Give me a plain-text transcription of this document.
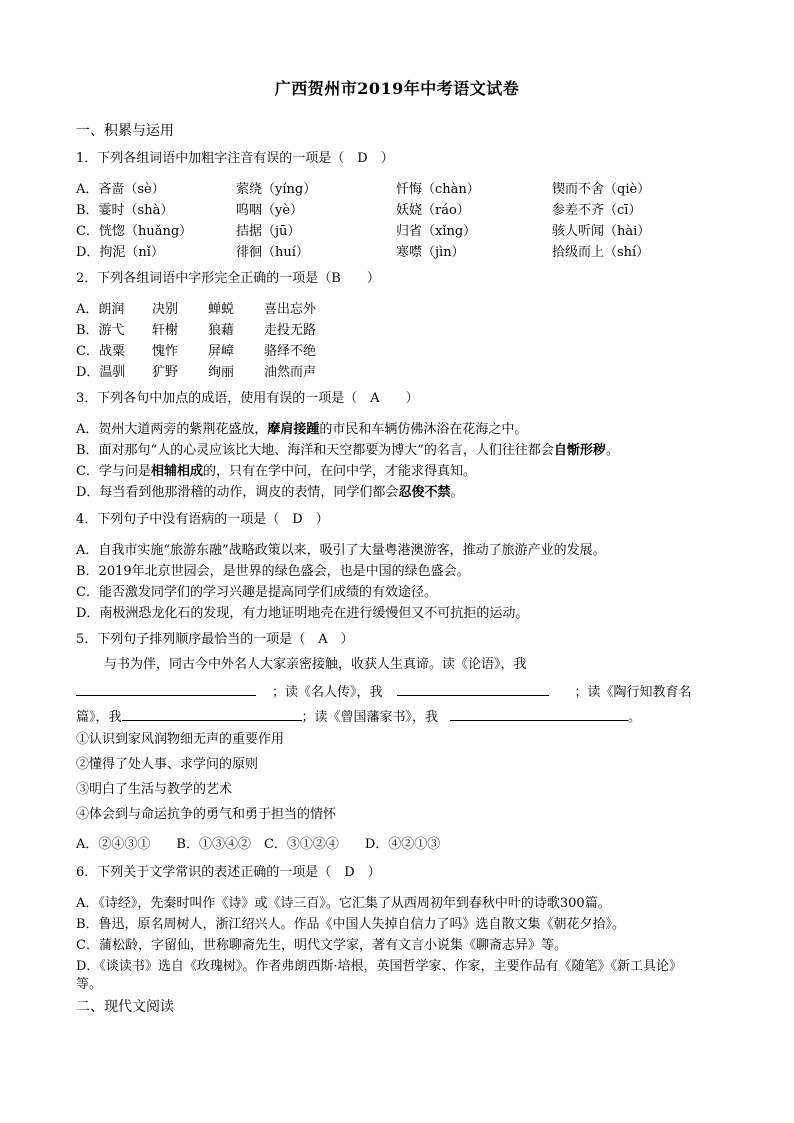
广西贺州市2019年中考语文试卷
一、积累与运用
1．下列各组词语中加粗字注音有误的一项是（　D　）
A．吝啬（sè）	萦绕（yíng）	忏悔（chàn）	锲而不舍（qiè）
B．霎时（shà）	呜咽（yè）	妖娆（ráo）	参差不齐（cī）
C．恍惚（huǎng）	拮据（jū）	归省（xǐng）	骇人听闻（hài）
D．拘泥（nǐ）	徘徊（huí）	寒噤（jìn）	拾级而上（shí）
2．下列各组词语中字形完全正确的一项是（B　　）
A．朗润 决别 蝉蜕 喜出忘外
B．游弋 轩榭 狼藉 走投无路
C．战粟 愧怍 屏嶂 骆绎不绝
D．温驯 犷野 绚丽 油然而声
3．下列各句中加点的成语，使用有误的一项是（　A　　）
A．贺州大道两旁的紫荆花盛放，摩肩接踵的市民和车辆仿佛沐浴在花海之中。
B．面对那句“人的心灵应该比大地、海洋和天空都要为博大”的名言，人们往往都会自惭形秽。
C．学与问是相辅相成的，只有在学中问，在问中学，才能求得真知。
D．每当看到他那滑稽的动作，调皮的表情，同学们都会忍俊不禁。
4．下列句子中没有语病的一项是（　D　）
A．自我市实施“旅游东融”战略政策以来，吸引了大量粤港澳游客，推动了旅游产业的发展。
B．2019年北京世园会，是世界的绿色盛会，也是中国的绿色盛会。
C．能否激发同学们的学习兴趣是提高同学们成绩的有效途径。
D．南极洲恐龙化石的发现，有力地证明地壳在进行缓慢但又不可抗拒的运动。
5．下列句子排列顺序最恰当的一项是（　A　）
与书为伴，同古今中外名人大家亲密接触，收获人生真谛。读《论语》，我
；读《名人传》，我	；读《陶行知教育名
篇》，我	；读《曾国藩家书》，我	。
①认识到家风润物细无声的重要作用
②懂得了处人事、求学问的原则
③明白了生活与教学的艺术
④体会到与命运抗争的勇气和勇于担当的情怀
A．②④③①　　B．①③④②　C．③①②④　　D．④②①③
6．下列关于文学常识的表述正确的一项是（　D　）
A．《诗经》，先秦时叫作《诗》或《诗三百》。它汇集了从西周初年到春秋中叶的诗歌300篇。
B．鲁迅，原名周树人，浙江绍兴人。作品《中国人失掉自信力了吗》选自散文集《朝花夕拾》。
C．蒲松龄，字留仙，世称聊斋先生，明代文学家，著有文言小说集《聊斋志异》等。
D．《谈读书》选自《玫瑰树》。作者弗朗西斯·培根，英国哲学家、作家，主要作品有《随笔》《新工具论》
等。
二、现代文阅读
